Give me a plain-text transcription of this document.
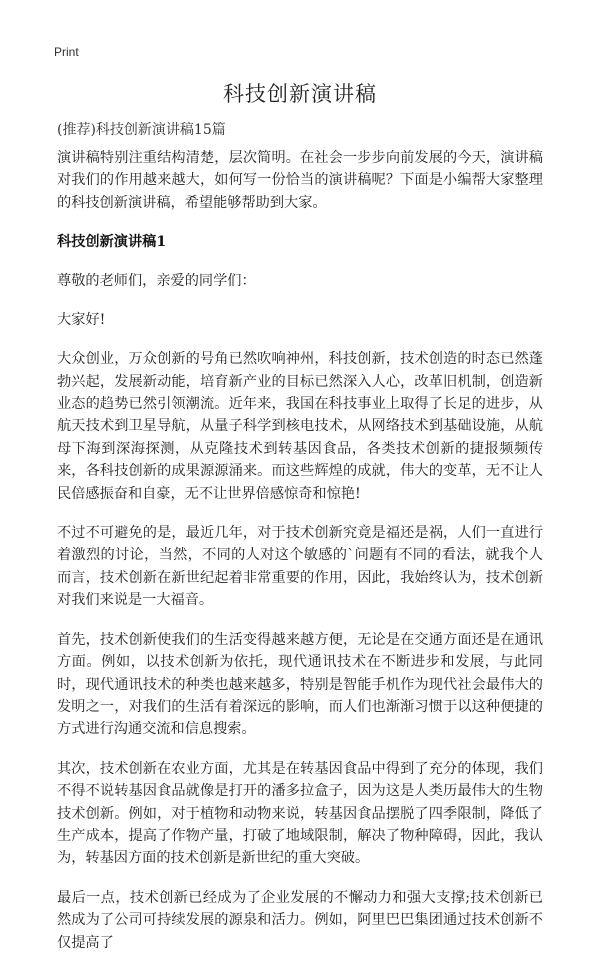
Print
科技创新演讲稿

(推荐)科技创新演讲稿15篇

演讲稿特别注重结构清楚，层次简明。在社会一步步向前发展的今天，演讲稿对我们的作用越来越大，如何写一份恰当的演讲稿呢？下面是小编帮大家整理的科技创新演讲稿，希望能够帮助到大家。

科技创新演讲稿1

尊敬的老师们，亲爱的同学们：

大家好!

大众创业，万众创新的号角已然吹响神州，科技创新，技术创造的时态已然蓬勃兴起，发展新动能，培育新产业的目标已然深入人心，改革旧机制，创造新业态的趋势已然引领潮流。近年来，我国在科技事业上取得了长足的进步，从航天技术到卫星导航，从量子科学到核电技术，从网络技术到基础设施，从航母下海到深海探测，从克隆技术到转基因食品，各类技术创新的捷报频频传来，各科技创新的成果源源涌来。而这些辉煌的成就，伟大的变革，无不让人民倍感振奋和自豪，无不让世界倍感惊奇和惊艳!

不过不可避免的是，最近几年，对于技术创新究竟是福还是祸，人们一直进行着激烈的讨论，当然，不同的人对这个敏感的`问题有不同的看法，就我个人而言，技术创新在新世纪起着非常重要的作用，因此，我始终认为，技术创新对我们来说是一大福音。

首先，技术创新使我们的生活变得越来越方便，无论是在交通方面还是在通讯方面。例如，以技术创新为依托，现代通讯技术在不断进步和发展，与此同时，现代通讯技术的种类也越来越多，特别是智能手机作为现代社会最伟大的发明之一，对我们的生活有着深远的影响，而人们也渐渐习惯于以这种便捷的方式进行沟通交流和信息搜索。

其次，技术创新在农业方面，尤其是在转基因食品中得到了充分的体现，我们不得不说转基因食品就像是打开的潘多拉盒子，因为这是人类历最伟大的生物技术创新。例如，对于植物和动物来说，转基因食品摆脱了四季限制，降低了生产成本，提高了作物产量，打破了地域限制，解决了物种障碍，因此，我认为，转基因方面的技术创新是新世纪的重大突破。

最后一点，技术创新已经成为了企业发展的不懈动力和强大支撑;技术创新已然成为了公司可持续发展的源泉和活力。例如，阿里巴巴集团通过技术创新不仅提高了
